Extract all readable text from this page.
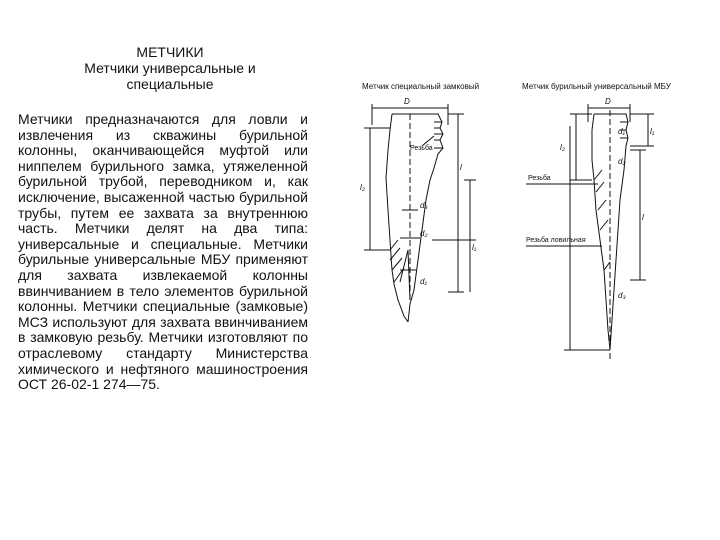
МЕТЧИКИ
Метчики универсальные и
специальные
Метчики предназначаются для ловли и извлечения из скважины бурильной колонны, оканчивающейся муфтой или ниппелем бурильного замка, утяжеленной бурильной трубой, переводником и, как исключение, высаженной частью бурильной трубы, путем ее захвата за внутреннюю часть. Метчики делят на два типа: универсальные и специальные. Метчики бурильные универсальные МБУ применяют для захвата извлекаемой колонны ввинчиванием в тело элементов бурильной колонны. Метчики специальные (замковые) МСЗ используют для захвата ввинчиванием в замковую резьбу. Метчики изготовляют по отраслевому стандарту Министерства химического и нефтяного машиностроения ОСТ 26-02-1 274—75.
Метчик специальный замковый	Метчик бурильный универсальный МБУ
Резьба
D
d₃
d₂
d₁
l
l₁
l₂
Резьба
Резьба ловильная
D
d₁
d₂
d₃
l
l₁
l₂
